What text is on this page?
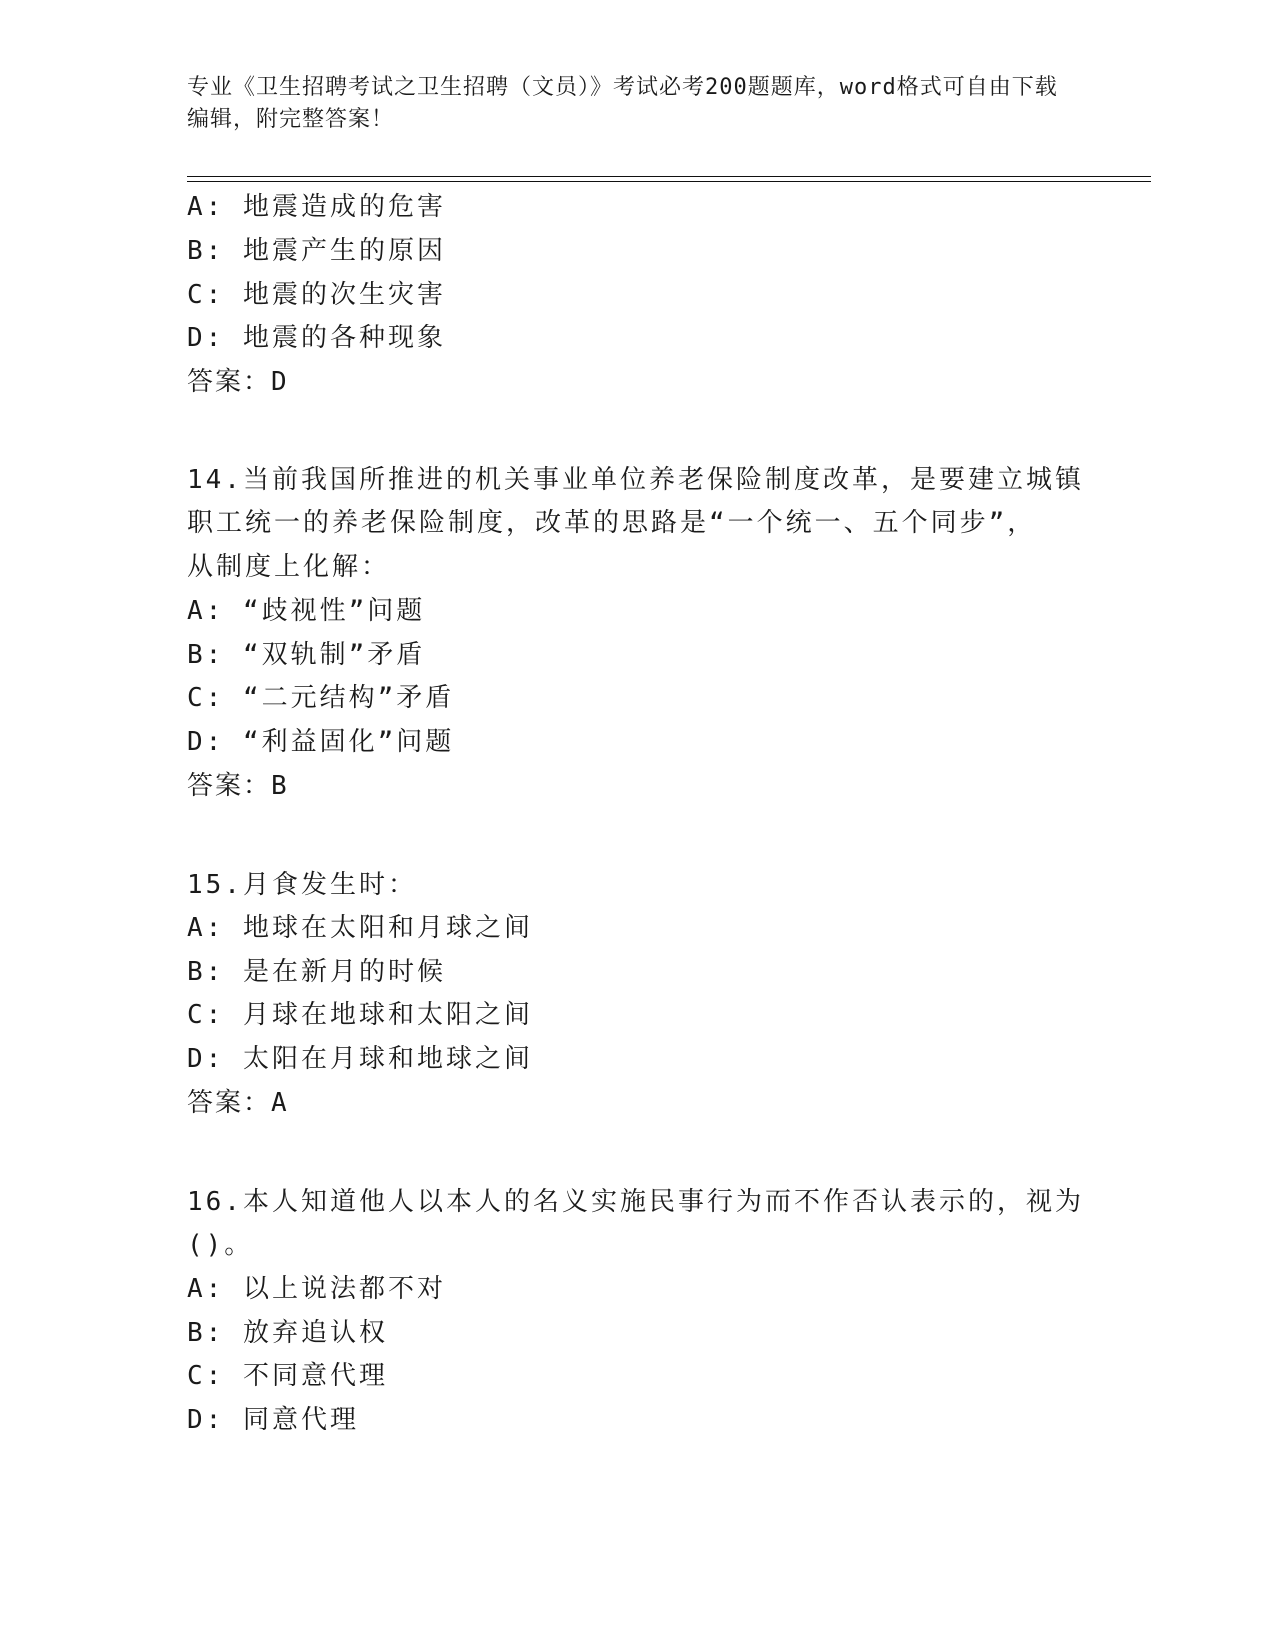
专业《卫生招聘考试之卫生招聘（文员）》考试必考200题题库，word格式可自由下载编辑，附完整答案！
A: 地震造成的危害
B: 地震产生的原因
C: 地震的次生灾害
D: 地震的各种现象
答案：D
14.当前我国所推进的机关事业单位养老保险制度改革，是要建立城镇
职工统一的养老保险制度，改革的思路是“一个统一、五个同步”，
从制度上化解：
A: “歧视性”问题
B: “双轨制”矛盾
C: “二元结构”矛盾
D: “利益固化”问题
答案：B
15.月食发生时：
A: 地球在太阳和月球之间
B: 是在新月的时候
C: 月球在地球和太阳之间
D: 太阳在月球和地球之间
答案：A
16.本人知道他人以本人的名义实施民事行为而不作否认表示的，视为
()。
A: 以上说法都不对
B: 放弃追认权
C: 不同意代理
D: 同意代理
